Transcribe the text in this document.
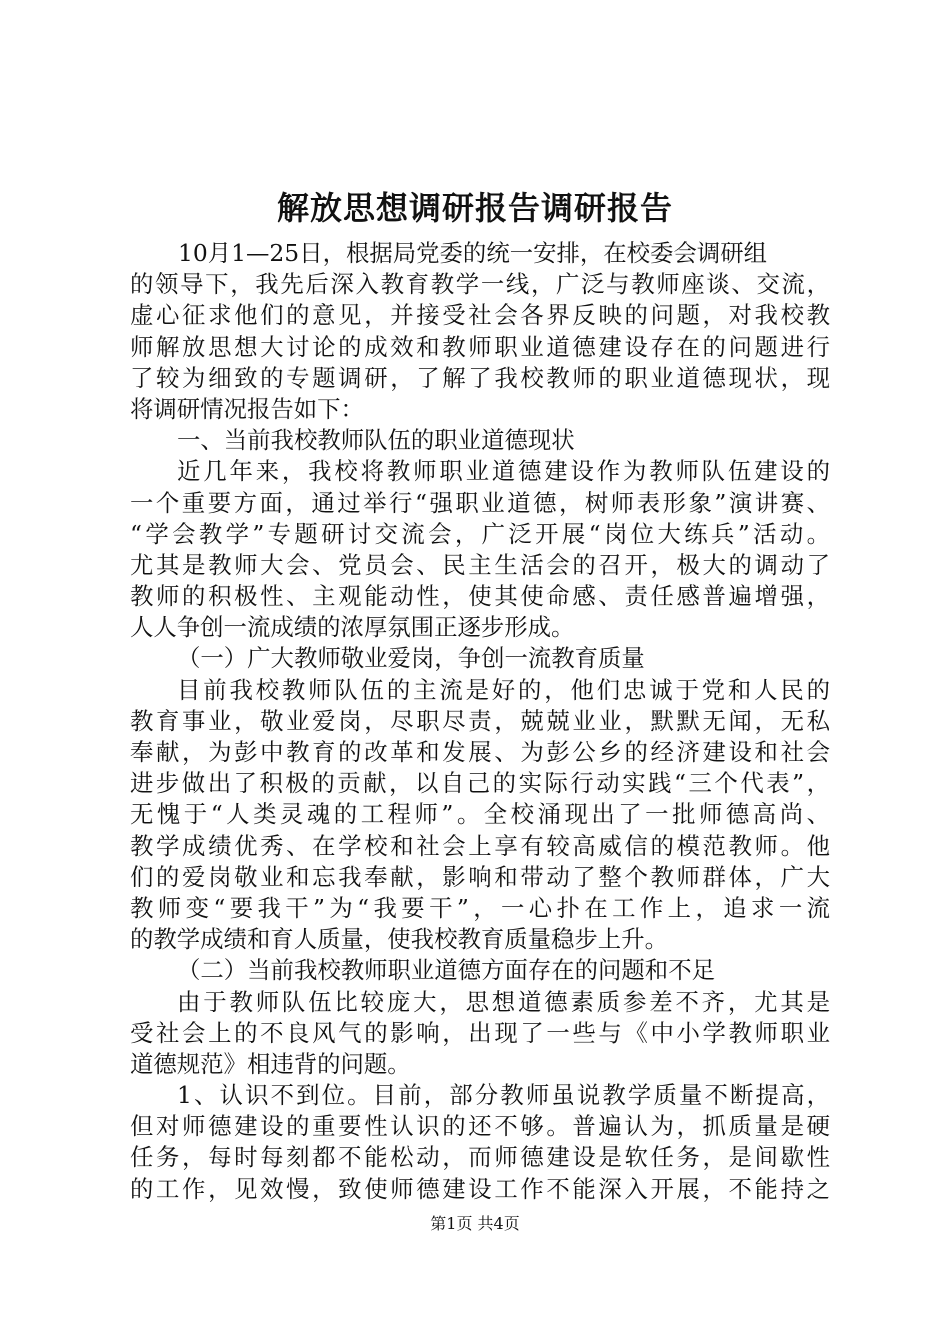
解放思想调研报告调研报告
10月1—25日，根据局党委的统一安排，在校委会调研组
的领导下，我先后深入教育教学一线，广泛与教师座谈、交流，
虚心征求他们的意见，并接受社会各界反映的问题，对我校教
师解放思想大讨论的成效和教师职业道德建设存在的问题进行
了较为细致的专题调研，了解了我校教师的职业道德现状，现
将调研情况报告如下：
一、当前我校教师队伍的职业道德现状
近几年来，我校将教师职业道德建设作为教师队伍建设的
一个重要方面，通过举行“强职业道德，树师表形象”演讲赛、
“学会教学”专题研讨交流会，广泛开展“岗位大练兵”活动。
尤其是教师大会、党员会、民主生活会的召开，极大的调动了
教师的积极性、主观能动性，使其使命感、责任感普遍增强，
人人争创一流成绩的浓厚氛围正逐步形成。
（一）广大教师敬业爱岗，争创一流教育质量
目前我校教师队伍的主流是好的，他们忠诚于党和人民的
教育事业，敬业爱岗，尽职尽责，兢兢业业，默默无闻，无私
奉献，为彭中教育的改革和发展、为彭公乡的经济建设和社会
进步做出了积极的贡献，以自己的实际行动实践“三个代表”，
无愧于“人类灵魂的工程师”。全校涌现出了一批师德高尚、
教学成绩优秀、在学校和社会上享有较高威信的模范教师。他
们的爱岗敬业和忘我奉献，影响和带动了整个教师群体，广大
教师变“要我干”为“我要干”，一心扑在工作上，追求一流
的教学成绩和育人质量，使我校教育质量稳步上升。
（二）当前我校教师职业道德方面存在的问题和不足
由于教师队伍比较庞大，思想道德素质参差不齐，尤其是
受社会上的不良风气的影响，出现了一些与《中小学教师职业
道德规范》相违背的问题。
1、认识不到位。目前，部分教师虽说教学质量不断提高，
但对师德建设的重要性认识的还不够。普遍认为，抓质量是硬
任务，每时每刻都不能松动，而师德建设是软任务，是间歇性
的工作，见效慢，致使师德建设工作不能深入开展，不能持之
第1页 共4页
